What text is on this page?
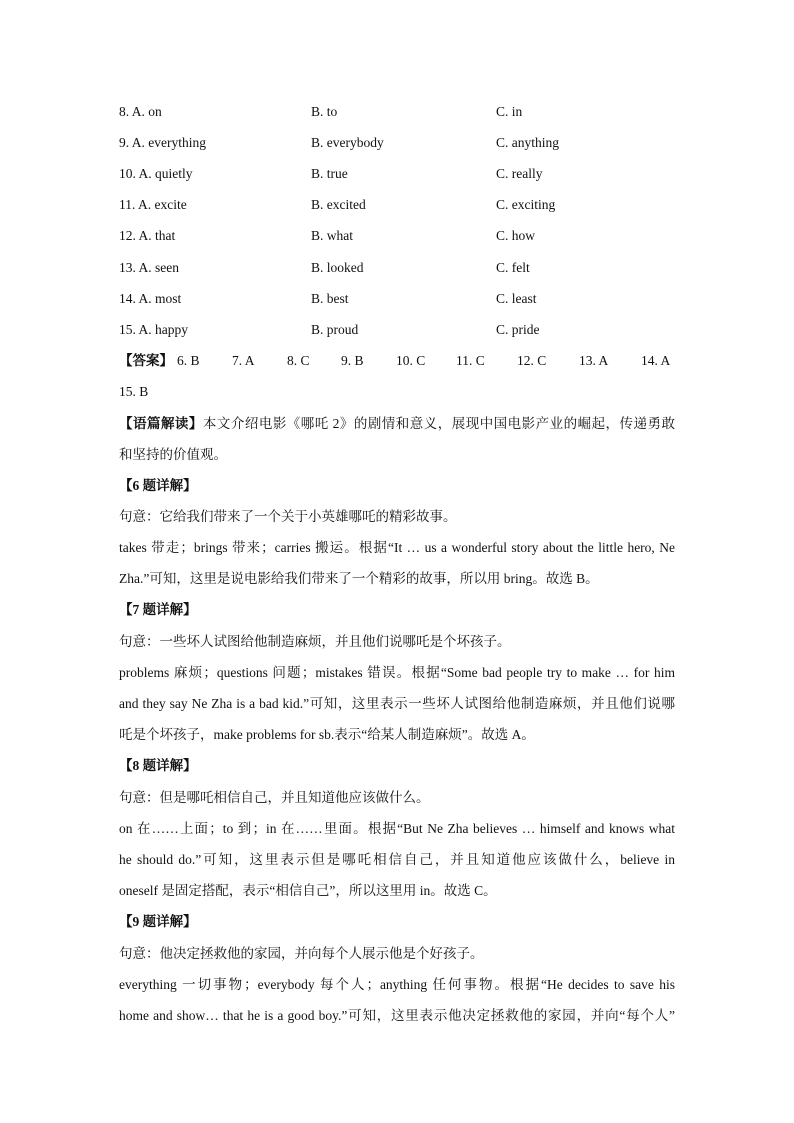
8. A. on	B. to	C. in
9. A. everything	B. everybody	C. anything
10. A. quietly	B. true	C. really
11. A. excite	B. excited	C. exciting
12. A. that	B. what	C. how
13. A. seen	B. looked	C. felt
14. A. most	B. best	C. least
15. A. happy	B. proud	C. pride
【答案】 6. B 7. A 8. C 9. B 10. C 11. C 12. C 13. A 14. A
15. B
【语篇解读】本文介绍电影《哪吒 2》的剧情和意义，展现中国电影产业的崛起，传递勇敢
和坚持的价值观。
【6 题详解】
句意：它给我们带来了一个关于小英雄哪吒的精彩故事。
takes 带走；brings 带来；carries 搬运。根据“It … us a wonderful story about the little hero, Ne
Zha.”可知，这里是说电影给我们带来了一个精彩的故事，所以用 bring。故选 B。
【7 题详解】
句意：一些坏人试图给他制造麻烦，并且他们说哪吒是个坏孩子。
problems 麻烦；questions 问题；mistakes 错误。根据“Some bad people try to make … for him
and they say Ne Zha is a bad kid.”可知，这里表示一些坏人试图给他制造麻烦，并且他们说哪
吒是个坏孩子，make problems for sb.表示“给某人制造麻烦”。故选 A。
【8 题详解】
句意：但是哪吒相信自己，并且知道他应该做什么。
on 在……上面；to 到；in 在……里面。根据“But Ne Zha believes … himself and knows what
he should do.”可知，这里表示但是哪吒相信自己，并且知道他应该做什么，believe in
oneself 是固定搭配，表示“相信自己”，所以这里用 in。故选 C。
【9 题详解】
句意：他决定拯救他的家园，并向每个人展示他是个好孩子。
everything 一切事物；everybody 每个人；anything 任何事物。根据“He decides to save his
home and show… that he is a good boy.”可知，这里表示他决定拯救他的家园，并向“每个人”
